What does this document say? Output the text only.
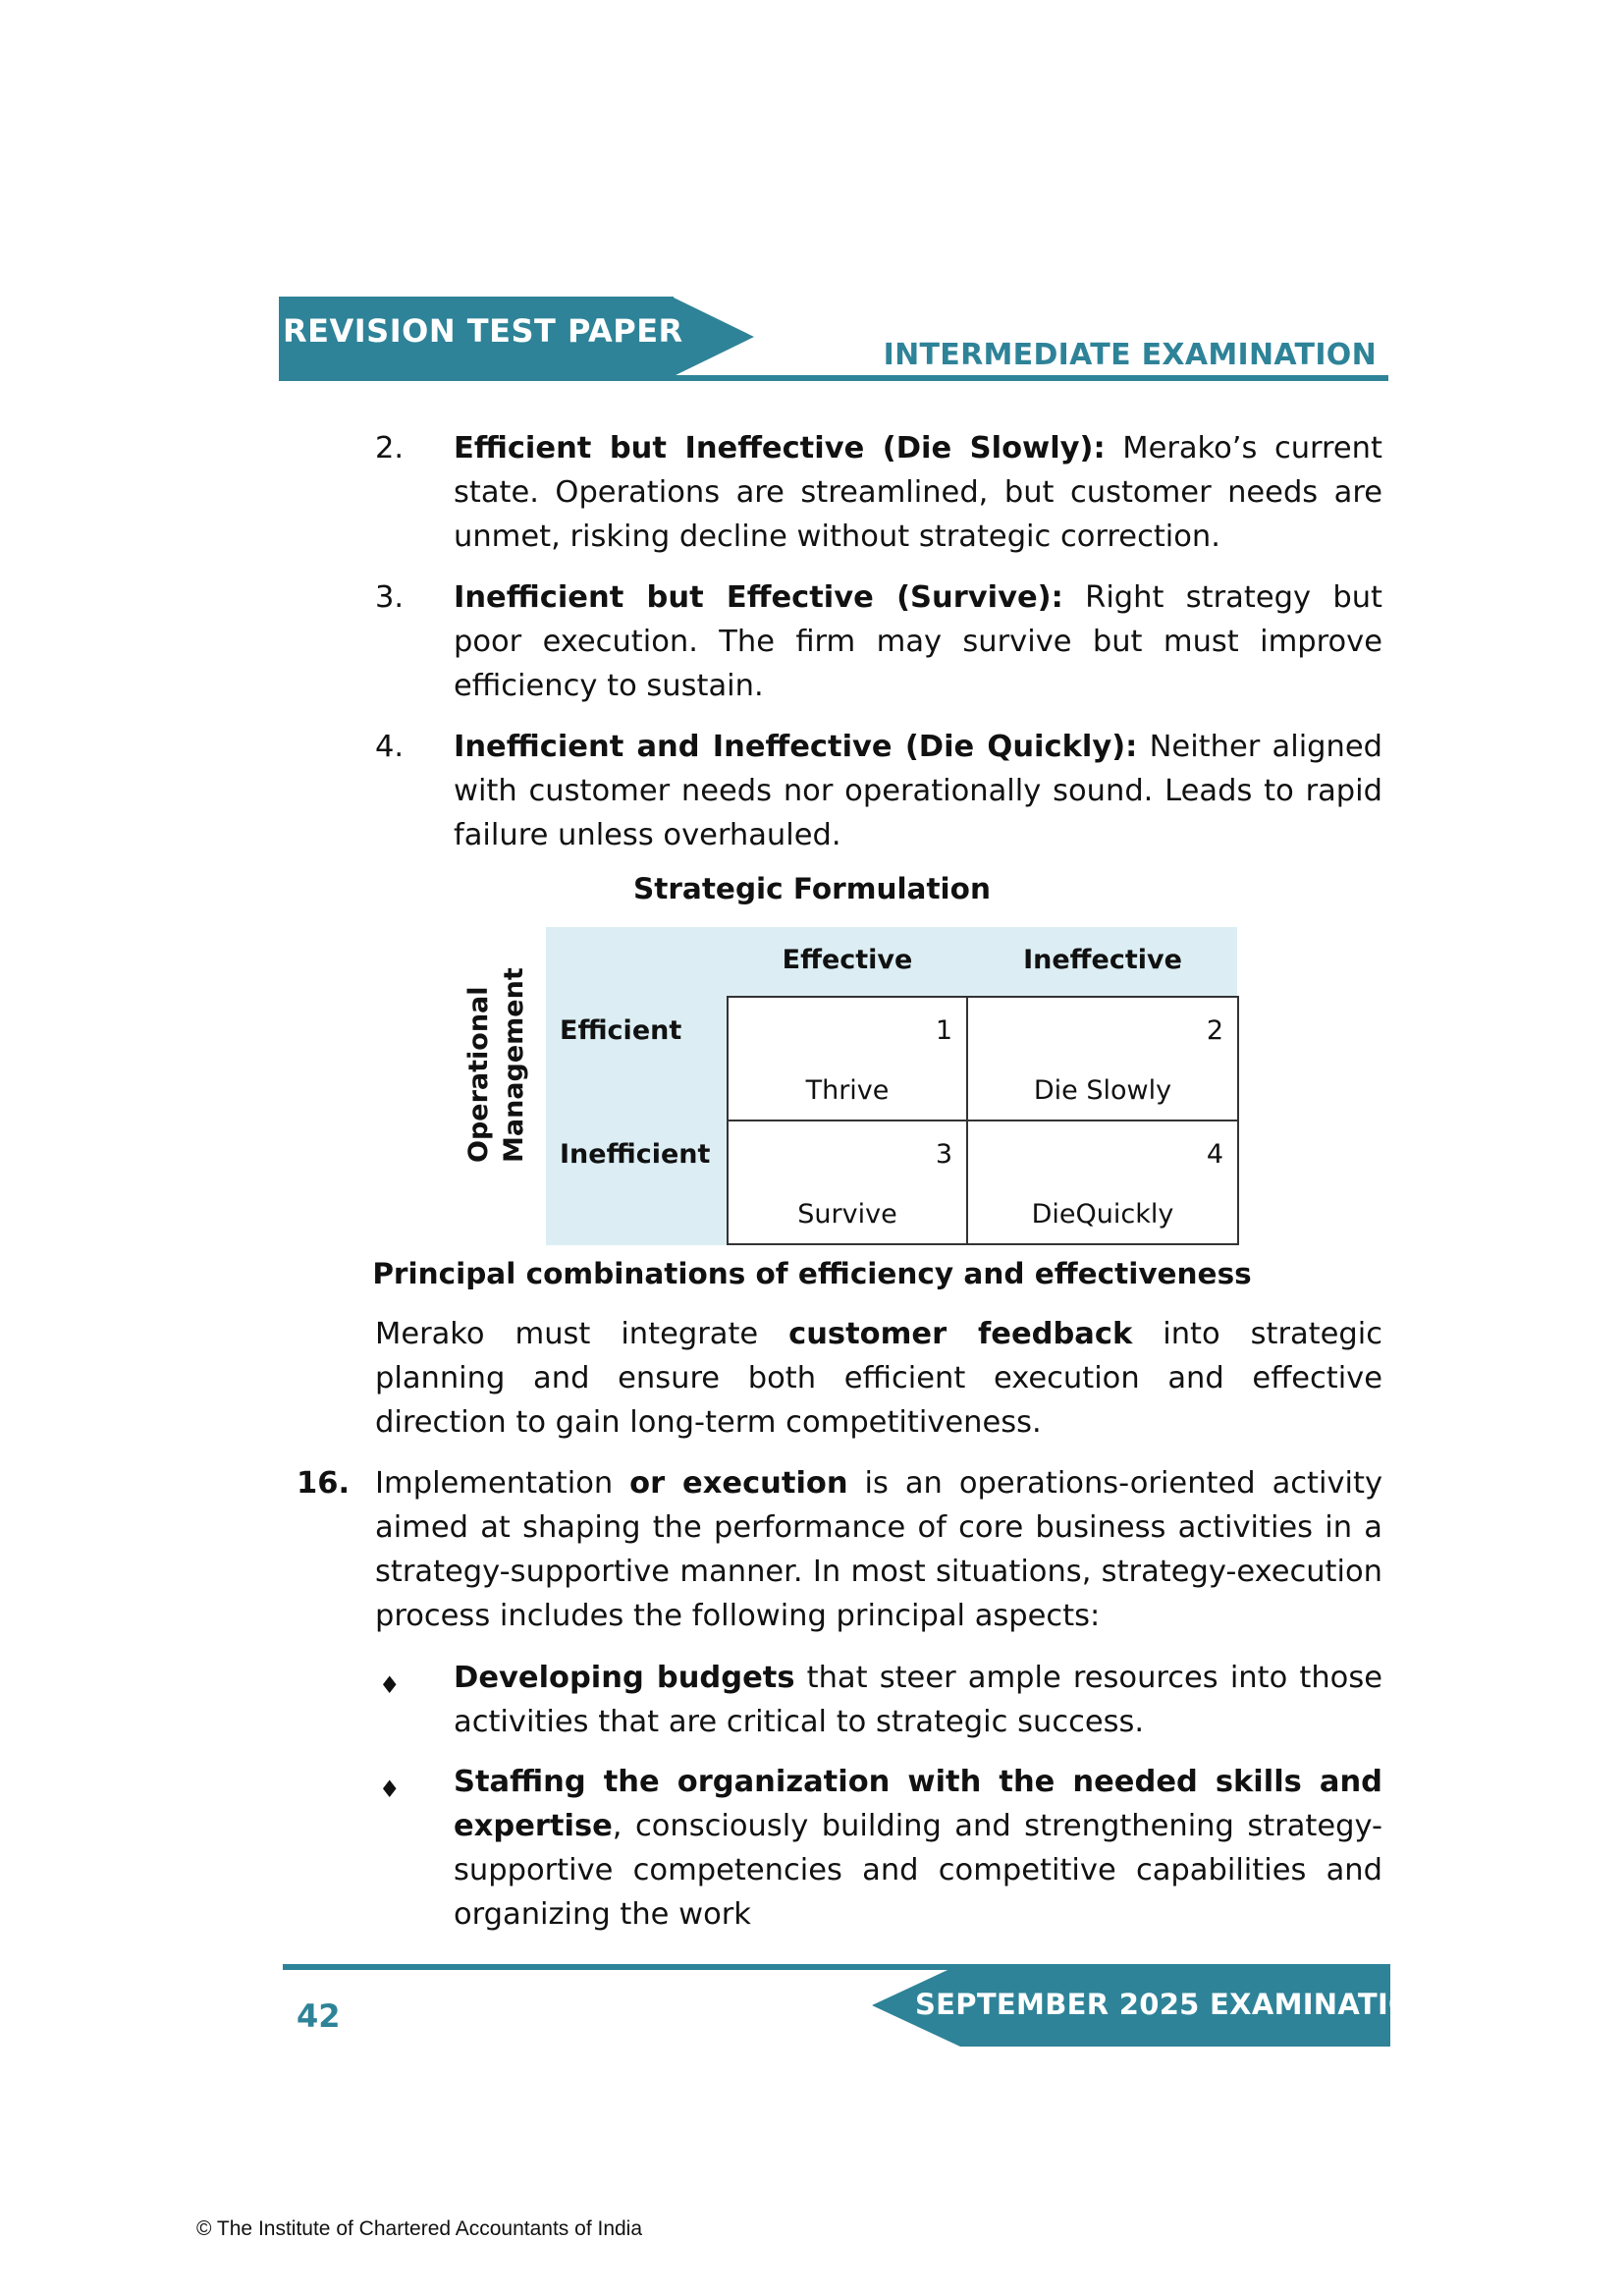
REVISION TEST PAPER
INTERMEDIATE EXAMINATION
2. Efficient but Ineffective (Die Slowly): Merako’s current state. Operations are streamlined, but customer needs are unmet, risking decline without strategic correction.
3. Inefficient but Effective (Survive): Right strategy but poor execution. The firm may survive but must improve efficiency to sustain.
4. Inefficient and Ineffective (Die Quickly): Neither aligned with customer needs nor operationally sound. Leads to rapid failure unless overhauled.
Strategic Formulation
1
Thrive
2
Die Slowly
3
Survive
4
DieQuickly
Effective	Ineffective
Efficient
Inefficient
Operational Management
Principal combinations of efficiency and effectiveness
Merako must integrate customer feedback into strategic planning and ensure both efficient execution and effective direction to gain long-term competitiveness.
16. Implementation or execution is an operations-oriented activity aimed at shaping the performance of core business activities in a strategy-supportive manner. In most situations, strategy-execution process includes the following principal aspects:
♦ Developing budgets that steer ample resources into those activities that are critical to strategic success.
♦ Staffing the organization with the needed skills and expertise, consciously building and strengthening strategy-supportive competencies and competitive capabilities and organizing the work
SEPTEMBER 2025 EXAMINATION
42
© The Institute of Chartered Accountants of India
